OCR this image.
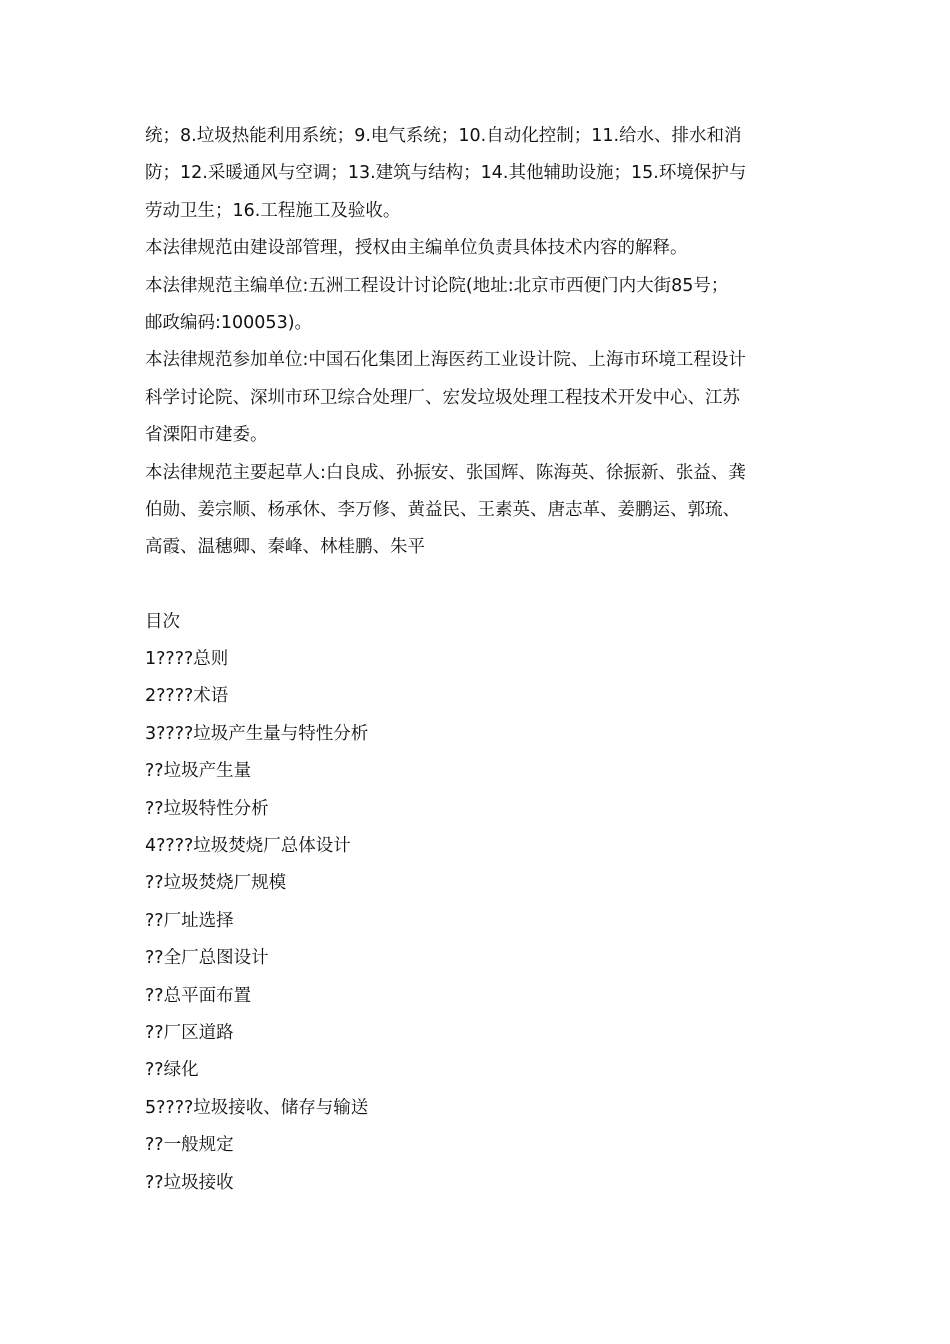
统；8.垃圾热能利用系统；9.电气系统；10.自动化控制；11.给水、排水和消
防；12.采暖通风与空调；13.建筑与结构；14.其他辅助设施；15.环境保护与
劳动卫生；16.工程施工及验收。
本法律规范由建设部管理，授权由主编单位负责具体技术内容的解释。
本法律规范主编单位:五洲工程设计讨论院(地址:北京市西便门内大街85号；
邮政编码:100053)。
本法律规范参加单位:中国石化集团上海医药工业设计院、上海市环境工程设计
科学讨论院、深圳市环卫综合处理厂、宏发垃圾处理工程技术开发中心、江苏
省溧阳市建委。
本法律规范主要起草人:白良成、孙振安、张国辉、陈海英、徐振新、张益、龚
伯勋、姜宗顺、杨承休、李万修、黄益民、王素英、唐志革、姜鹏运、郭琉、
高霞、温穗卿、秦峰、林桂鹏、朱平
目次
1????总则
2????术语
3????垃圾产生量与特性分析
??垃圾产生量
??垃圾特性分析
4????垃圾焚烧厂总体设计
??垃圾焚烧厂规模
??厂址选择
??全厂总图设计
??总平面布置
??厂区道路
??绿化
5????垃圾接收、储存与输送
??一般规定
??垃圾接收
